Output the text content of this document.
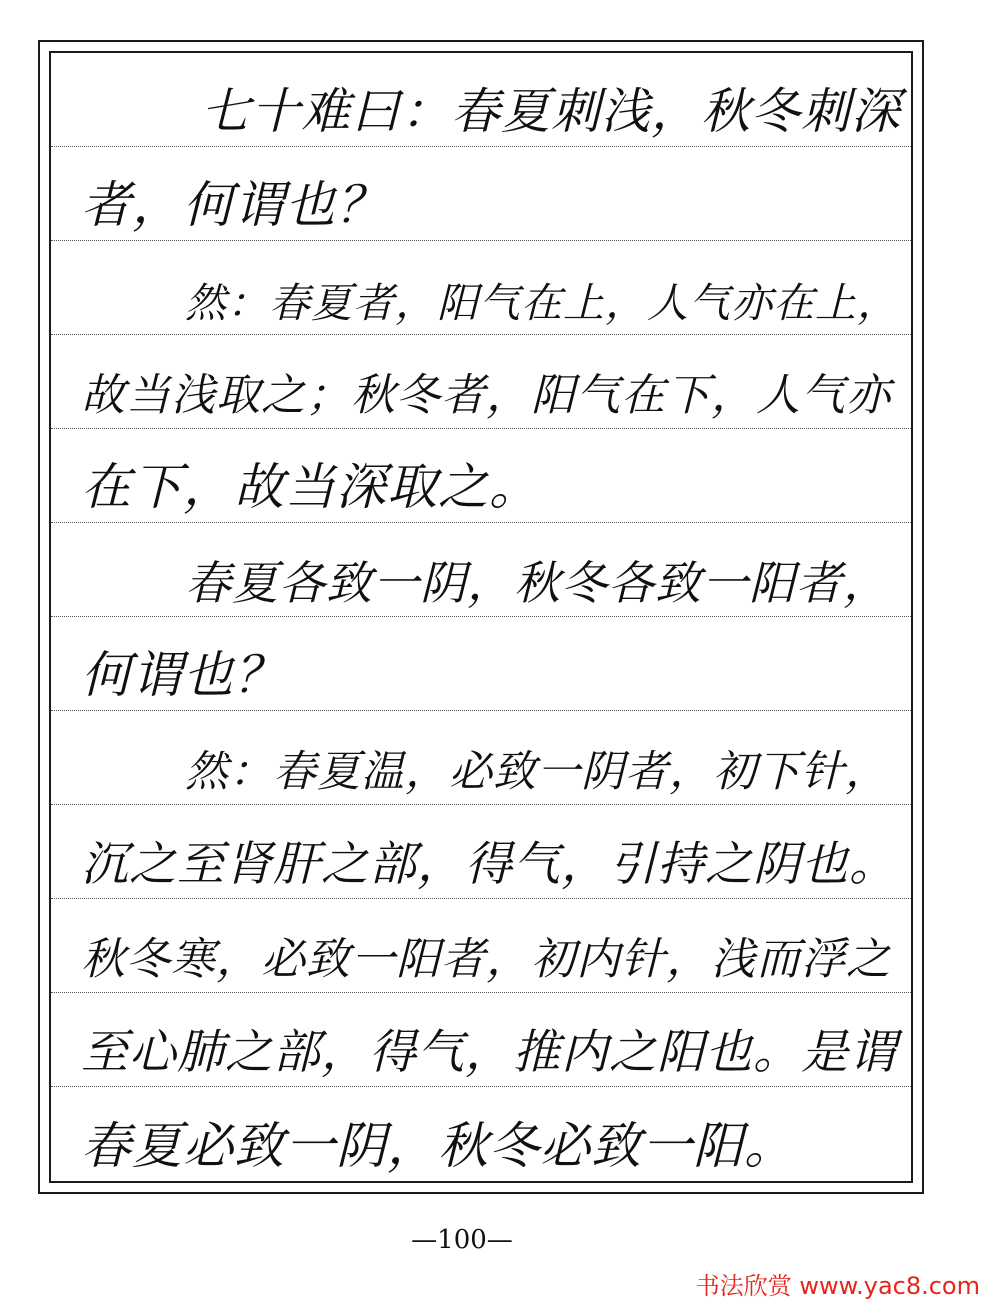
七十难曰：春夏刺浅，秋冬刺深
者，何谓也？
然：春夏者，阳气在上，人气亦在上，
故当浅取之；秋冬者，阳气在下，人气亦
在下，故当深取之。
春夏各致一阴，秋冬各致一阳者，
何谓也？
然：春夏温，必致一阴者，初下针，
沉之至肾肝之部，得气，引持之阴也。
秋冬寒，必致一阳者，初内针，浅而浮之
至心肺之部，得气，推内之阳也。是谓
春夏必致一阴，秋冬必致一阳。
—100—
书法欣赏 www.yac8.com
